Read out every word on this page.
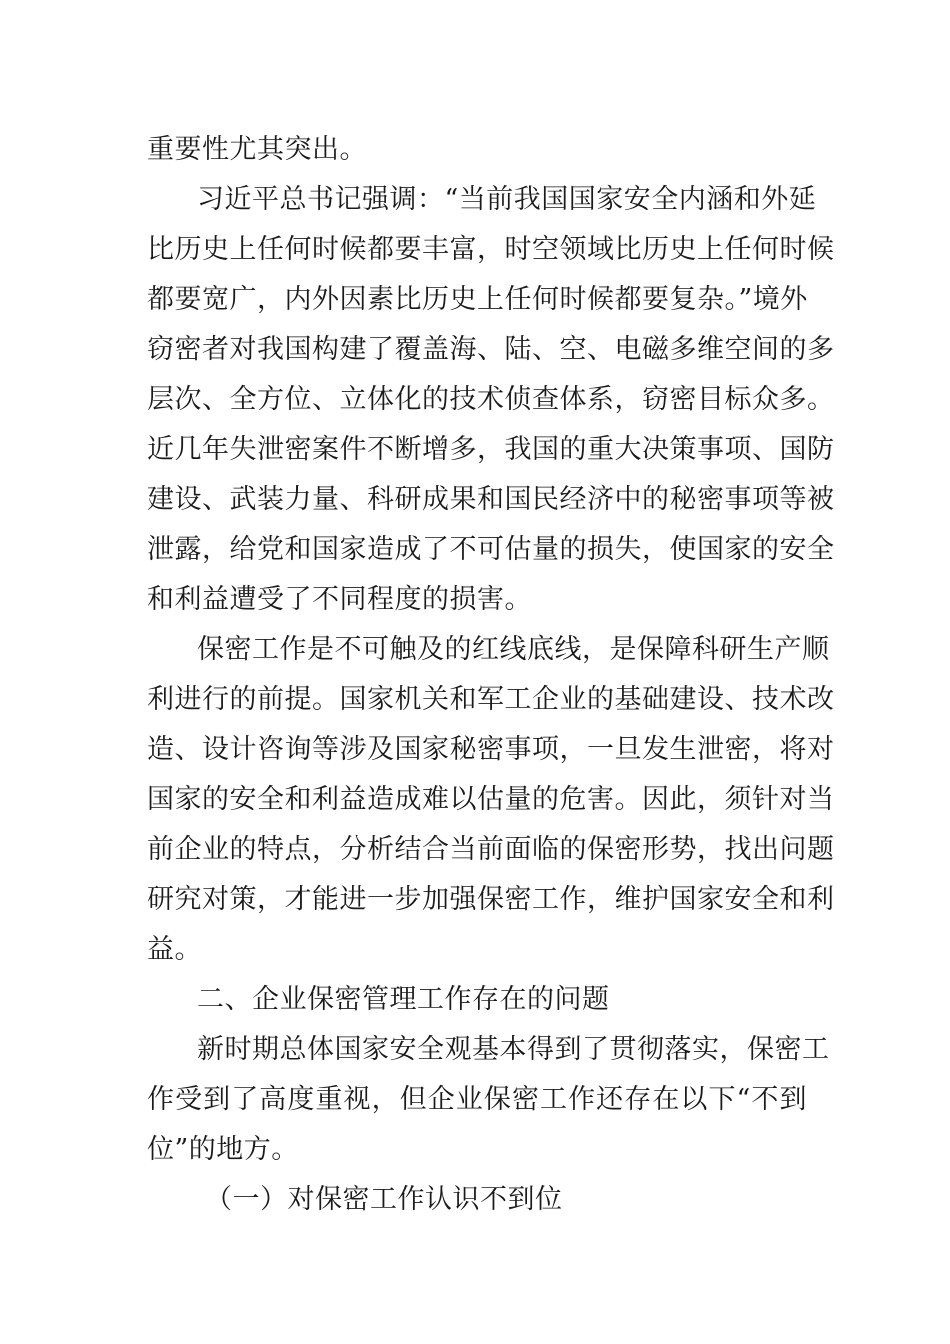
重要性尤其突出。
习近平总书记强调：“当前我国国家安全内涵和外延
比历史上任何时候都要丰富，时空领域比历史上任何时候
都要宽广，内外因素比历史上任何时候都要复杂。”境外
窃密者对我国构建了覆盖海、陆、空、电磁多维空间的多
层次、全方位、立体化的技术侦查体系，窃密目标众多。
近几年失泄密案件不断增多，我国的重大决策事项、国防
建设、武装力量、科研成果和国民经济中的秘密事项等被
泄露，给党和国家造成了不可估量的损失，使国家的安全
和利益遭受了不同程度的损害。
保密工作是不可触及的红线底线，是保障科研生产顺
利进行的前提。国家机关和军工企业的基础建设、技术改
造、设计咨询等涉及国家秘密事项，一旦发生泄密，将对
国家的安全和利益造成难以估量的危害。因此，须针对当
前企业的特点，分析结合当前面临的保密形势，找出问题
研究对策，才能进一步加强保密工作，维护国家安全和利
益。
二、企业保密管理工作存在的问题
新时期总体国家安全观基本得到了贯彻落实，保密工
作受到了高度重视，但企业保密工作还存在以下“不到
位”的地方。
（一）对保密工作认识不到位
